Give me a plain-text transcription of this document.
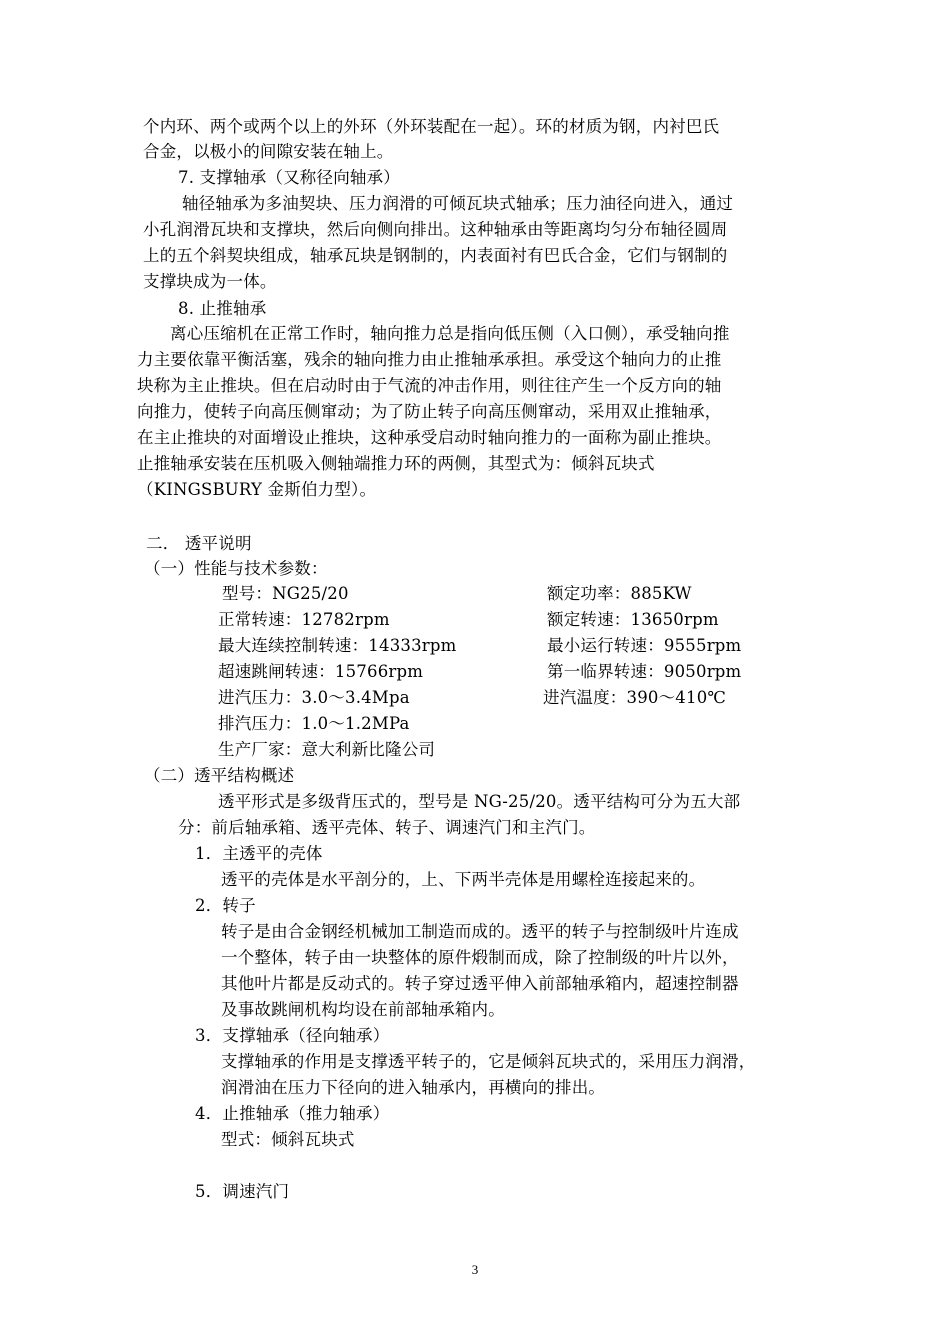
个内环、两个或两个以上的外环（外环装配在一起）。环的材质为钢，内衬巴氏
合金，以极小的间隙安装在轴上。
7. 支撑轴承（又称径向轴承）
轴径轴承为多油契块、压力润滑的可倾瓦块式轴承；压力油径向进入，通过
小孔润滑瓦块和支撑块，然后向侧向排出。这种轴承由等距离均匀分布轴径圆周
上的五个斜契块组成，轴承瓦块是钢制的，内表面衬有巴氏合金，它们与钢制的
支撑块成为一体。
8. 止推轴承
离心压缩机在正常工作时，轴向推力总是指向低压侧（入口侧），承受轴向推
力主要依靠平衡活塞，残余的轴向推力由止推轴承承担。承受这个轴向力的止推
块称为主止推块。但在启动时由于气流的冲击作用，则往往产生一个反方向的轴
向推力，使转子向高压侧窜动；为了防止转子向高压侧窜动，采用双止推轴承，
在主止推块的对面增设止推块，这种承受启动时轴向推力的一面称为副止推块。
止推轴承安装在压机吸入侧轴端推力环的两侧，其型式为：倾斜瓦块式
（KINGSBURY 金斯伯力型）。
二． 透平说明
（一）性能与技术参数：
型号：NG25/20
正常转速：12782rpm
最大连续控制转速：14333rpm
超速跳闸转速：15766rpm
进汽压力：3.0～3.4Mpa
排汽压力：1.0～1.2MPa
生产厂家：意大利新比隆公司
额定功率：885KW
额定转速：13650rpm
最小运行转速：9555rpm
第一临界转速：9050rpm
进汽温度：390～410℃
（二）透平结构概述
透平形式是多级背压式的，型号是 NG-25/20。透平结构可分为五大部
分：前后轴承箱、透平壳体、转子、调速汽门和主汽门。
1．主透平的壳体
透平的壳体是水平剖分的，上、下两半壳体是用螺栓连接起来的。
2．转子
转子是由合金钢经机械加工制造而成的。透平的转子与控制级叶片连成
一个整体，转子由一块整体的原件煅制而成，除了控制级的叶片以外，
其他叶片都是反动式的。转子穿过透平伸入前部轴承箱内，超速控制器
及事故跳闸机构均设在前部轴承箱内。
3．支撑轴承（径向轴承）
支撑轴承的作用是支撑透平转子的，它是倾斜瓦块式的，采用压力润滑，
润滑油在压力下径向的进入轴承内，再横向的排出。
4．止推轴承（推力轴承）
型式：倾斜瓦块式
5．调速汽门
3
